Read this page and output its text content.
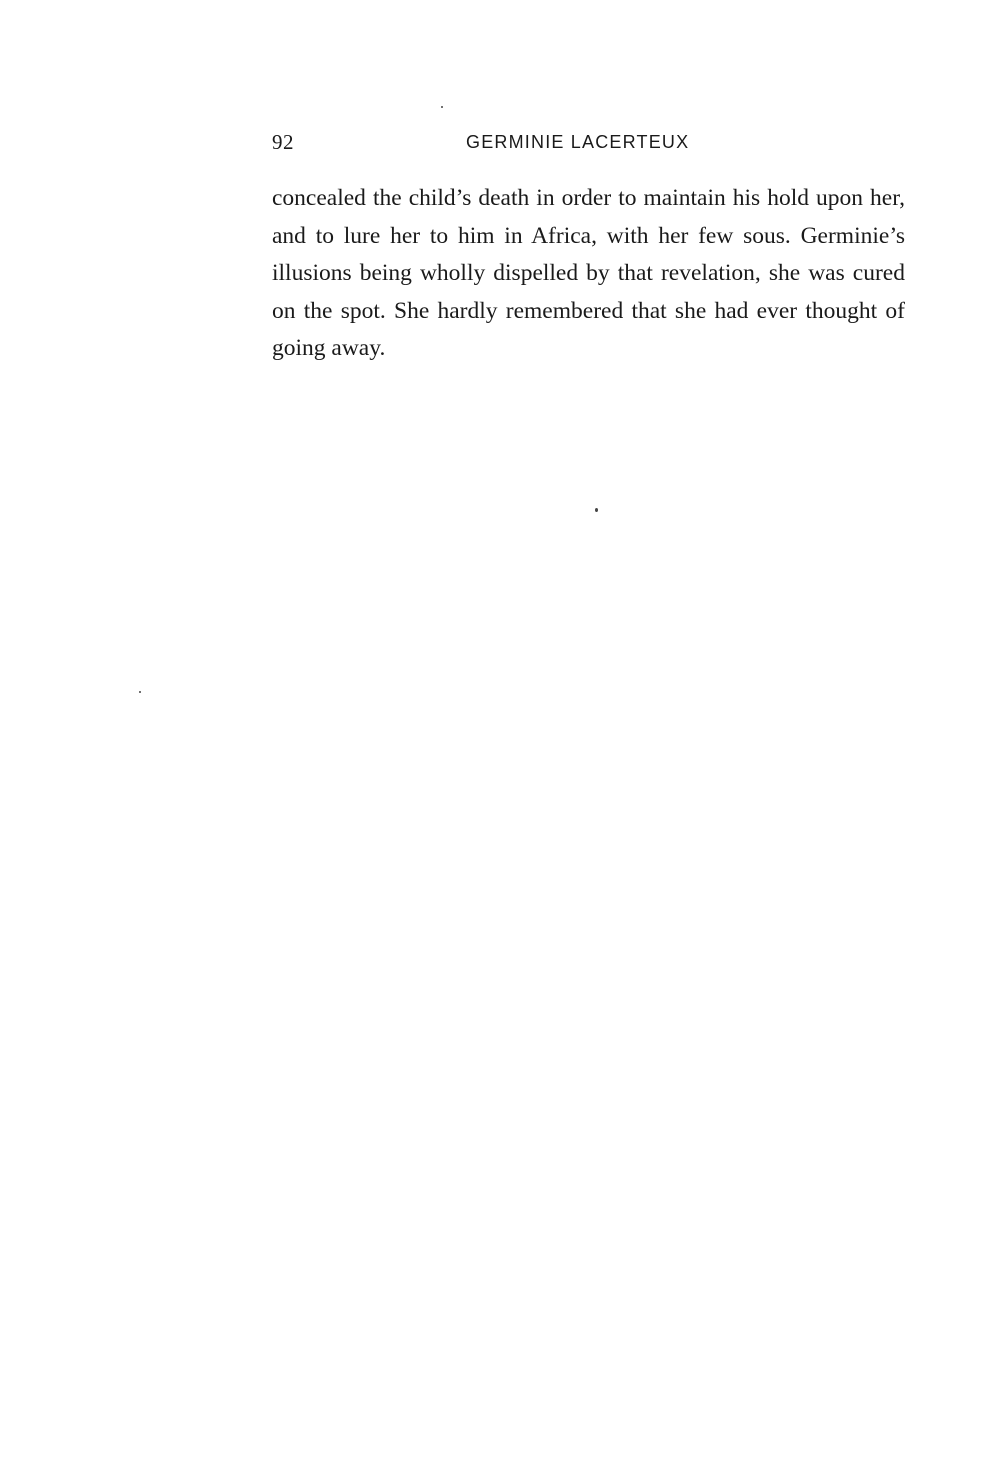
92	GERMINIE LACERTEUX

concealed the child’s death in order to maintain his hold upon her, and to lure her to him in Africa, with her few sous. Germinie’s illusions being wholly dispelled by that revelation, she was cured on the spot. She hardly remembered that she had ever thought of going away.
